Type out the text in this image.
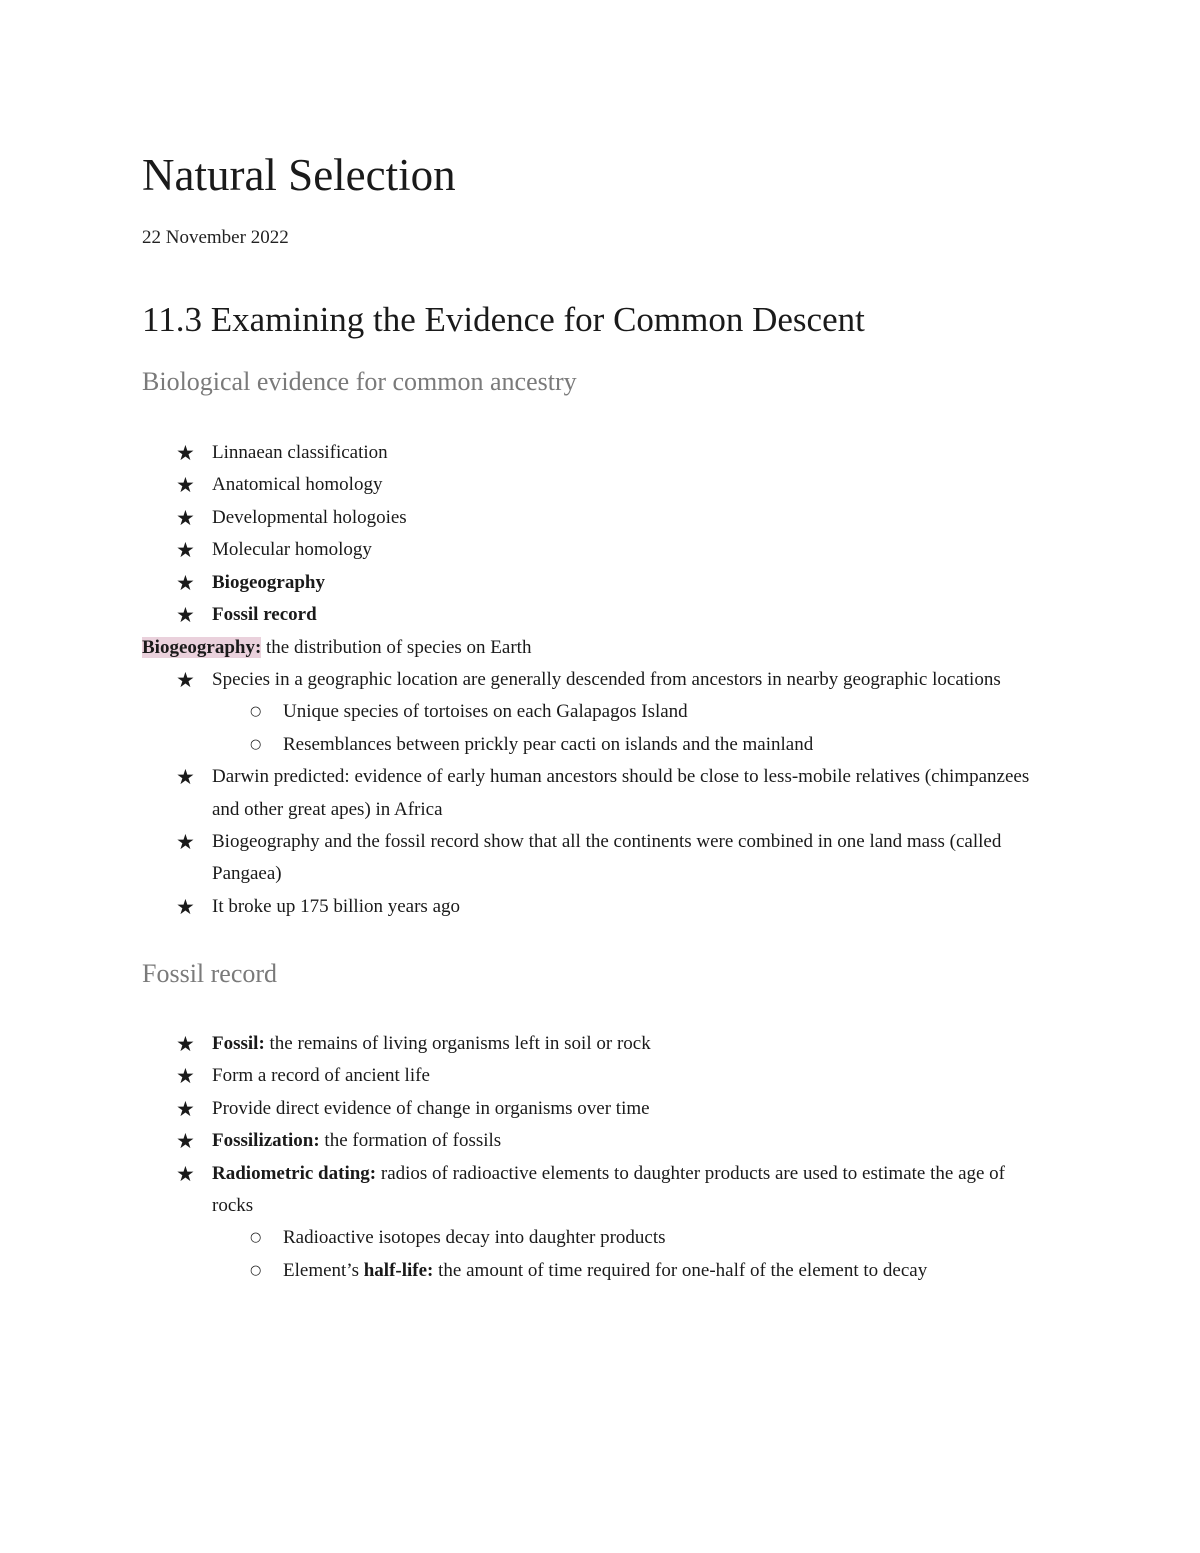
Natural Selection

22 November 2022

11.3 Examining the Evidence for Common Descent
Biological evidence for common ancestry
★ Linnaean classification
★ Anatomical homology
★ Developmental hologoies
★ Molecular homology
★ Biogeography
★ Fossil record

Biogeography: the distribution of species on Earth

★ Species in a geographic location are generally descended from ancestors in nearby geographic locations
○ Unique species of tortoises on each Galapagos Island
○ Resemblances between prickly pear cacti on islands and the mainland
★ Darwin predicted: evidence of early human ancestors should be close to less-mobile relatives (chimpanzees and other great apes) in Africa
★ Biogeography and the fossil record show that all the continents were combined in one land mass (called Pangaea)
★ It broke up 175 billion years ago
Fossil record
★ Fossil: the remains of living organisms left in soil or rock
★ Form a record of ancient life
★ Provide direct evidence of change in organisms over time
★ Fossilization: the formation of fossils
★ Radiometric dating: radios of radioactive elements to daughter products are used to estimate the age of rocks
○ Radioactive isotopes decay into daughter products
○ Element’s half-life: the amount of time required for one-half of the element to decay
